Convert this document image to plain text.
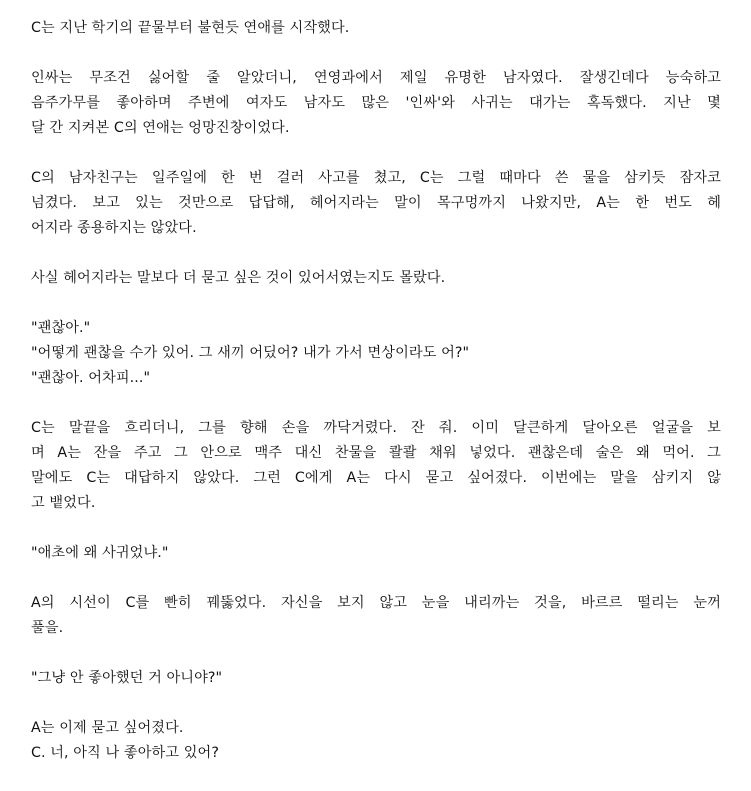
C는 지난 학기의 끝물부터 불현듯 연애를 시작했다.
인싸는 무조건 싫어할 줄 알았더니, 연영과에서 제일 유명한 남자였다. 잘생긴데다 능숙하고
음주가무를 좋아하며 주변에 여자도 남자도 많은 '인싸'와 사귀는 대가는 혹독했다. 지난 몇
달 간 지켜본 C의 연애는 엉망진창이었다.
C의 남자친구는 일주일에 한 번 걸러 사고를 쳤고, C는 그럴 때마다 쓴 물을 삼키듯 잠자코
넘겼다. 보고 있는 것만으로 답답해, 헤어지라는 말이 목구멍까지 나왔지만, A는 한 번도 헤
어지라 종용하지는 않았다.
사실 헤어지라는 말보다 더 묻고 싶은 것이 있어서였는지도 몰랐다.
"괜찮아."
"어떻게 괜찮을 수가 있어. 그 새끼 어딨어? 내가 가서 면상이라도 어?"
"괜찮아. 어차피..."
C는 말끝을 흐리더니, 그를 향해 손을 까닥거렸다. 잔 줘. 이미 달큰하게 달아오른 얼굴을 보
며 A는 잔을 주고 그 안으로 맥주 대신 찬물을 콸콸 채워 넣었다. 괜찮은데 술은 왜 먹어. 그
말에도 C는 대답하지 않았다. 그런 C에게 A는 다시 묻고 싶어졌다. 이번에는 말을 삼키지 않
고 뱉었다.
"애초에 왜 사귀었냐."
A의 시선이 C를 빤히 꿰뚫었다. 자신을 보지 않고 눈을 내리까는 것을, 바르르 떨리는 눈꺼
풀을.
"그냥 안 좋아했던 거 아니야?"
A는 이제 묻고 싶어졌다.
C. 너, 아직 나 좋아하고 있어?
